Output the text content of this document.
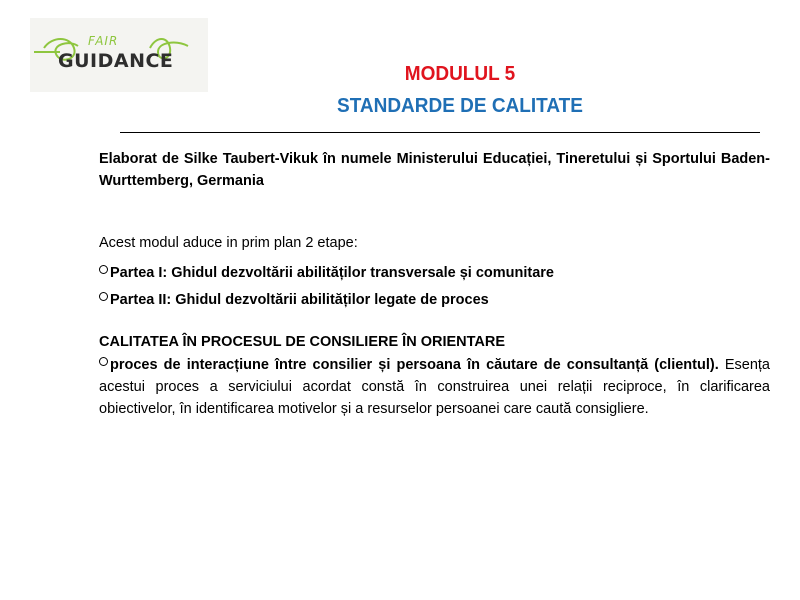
FAIR
GUIDANCE
MODULUL 5
STANDARDE DE CALITATE
Elaborat de Silke Taubert-Vikuk în numele Ministerului Educației, Tineretului și Sportului Baden-Wurttemberg, Germania
Acest modul aduce in prim plan 2 etape:
Partea I: Ghidul dezvoltării abilităților transversale și comunitare
Partea II: Ghidul dezvoltării abilităților legate de proces
CALITATEA ÎN PROCESUL DE CONSILIERE ÎN ORIENTARE
proces de interacțiune între consilier și persoana în căutare de consultanță (clientul). Esența acestui proces a serviciului acordat constă în construirea unei relații reciproce, în clarificarea obiectivelor, în identificarea motivelor și a resurselor persoanei care caută consigliere.
